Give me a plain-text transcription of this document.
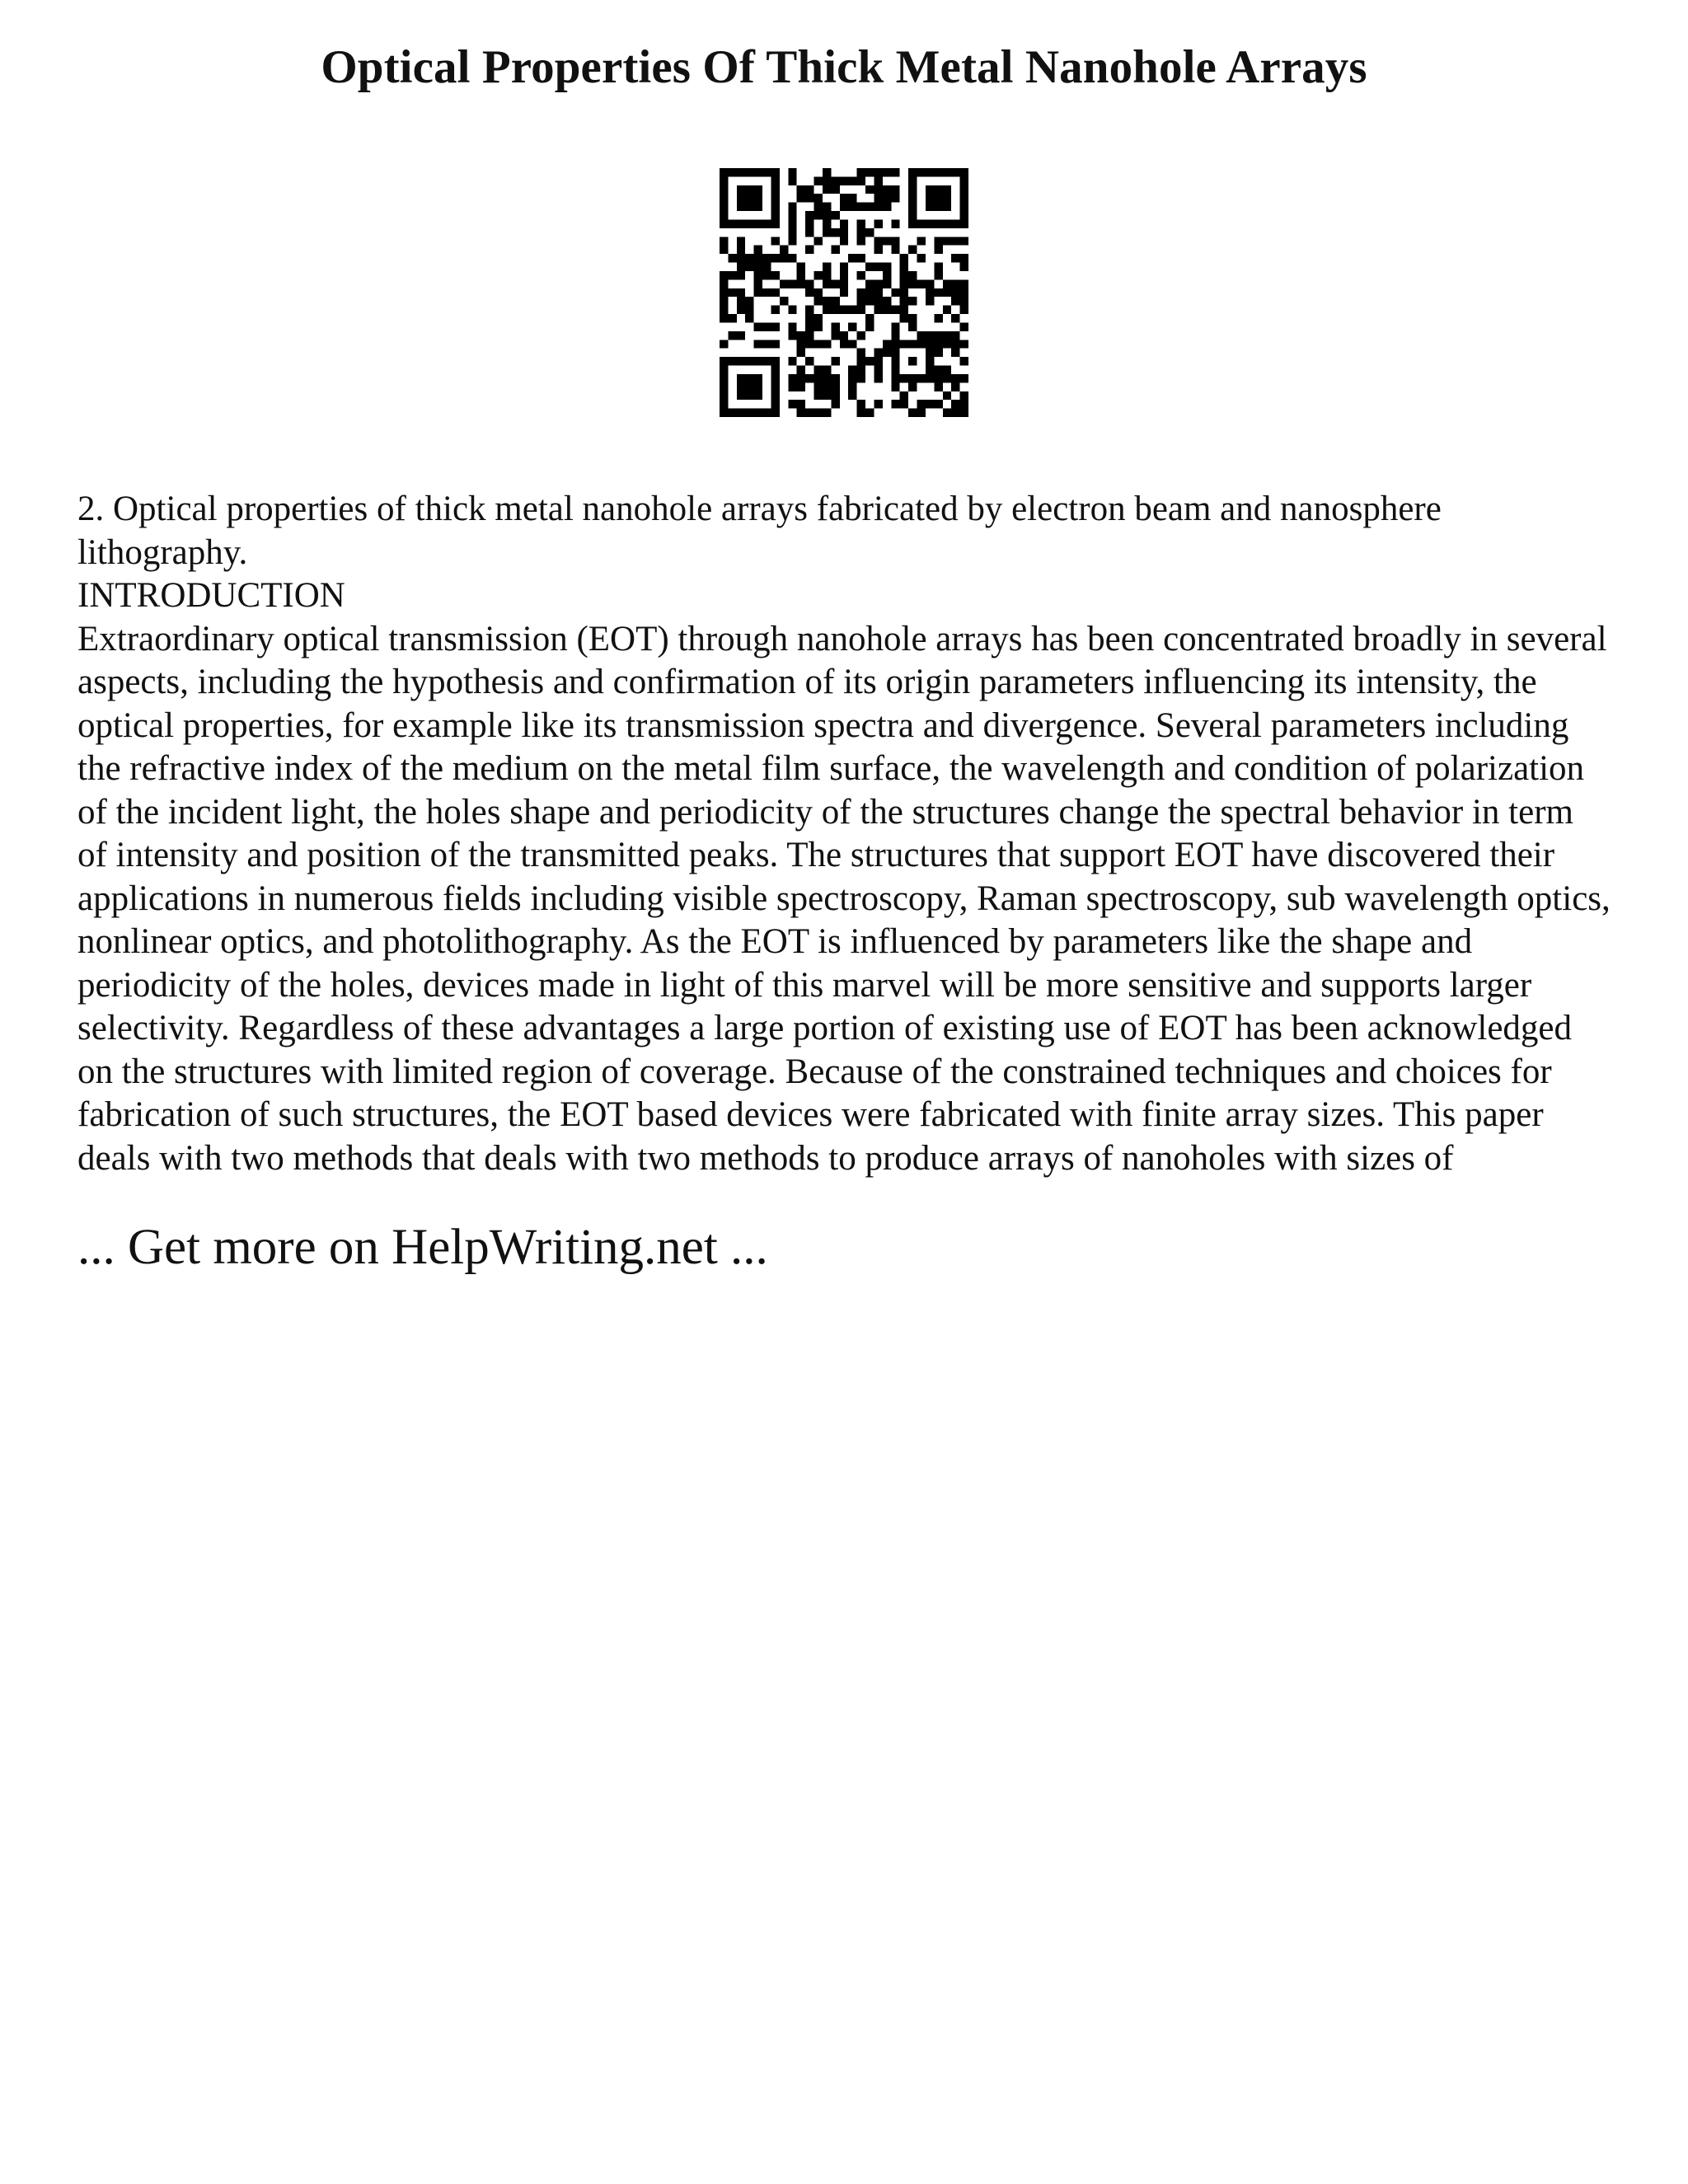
Optical Properties Of Thick Metal Nanohole Arrays

2. Optical properties of thick metal nanohole arrays fabricated by electron beam and nanosphere lithography.

INTRODUCTION

Extraordinary optical transmission (EOT) through nanohole arrays has been concentrated broadly in several aspects, including the hypothesis and confirmation of its origin parameters influencing its intensity, the optical properties, for example like its transmission spectra and divergence. Several parameters including the refractive index of the medium on the metal film surface, the wavelength and condition of polarization of the incident light, the holes shape and periodicity of the structures change the spectral behavior in term of intensity and position of the transmitted peaks. The structures that support EOT have discovered their applications in numerous fields including visible spectroscopy, Raman spectroscopy, sub wavelength optics, nonlinear optics, and photolithography. As the EOT is influenced by parameters like the shape and periodicity of the holes, devices made in light of this marvel will be more sensitive and supports larger selectivity. Regardless of these advantages a large portion of existing use of EOT has been acknowledged on the structures with limited region of coverage. Because of the constrained techniques and choices for fabrication of such structures, the EOT based devices were fabricated with finite array sizes. This paper deals with two methods that deals with two methods to produce arrays of nanoholes with sizes of

... Get more on HelpWriting.net ...
